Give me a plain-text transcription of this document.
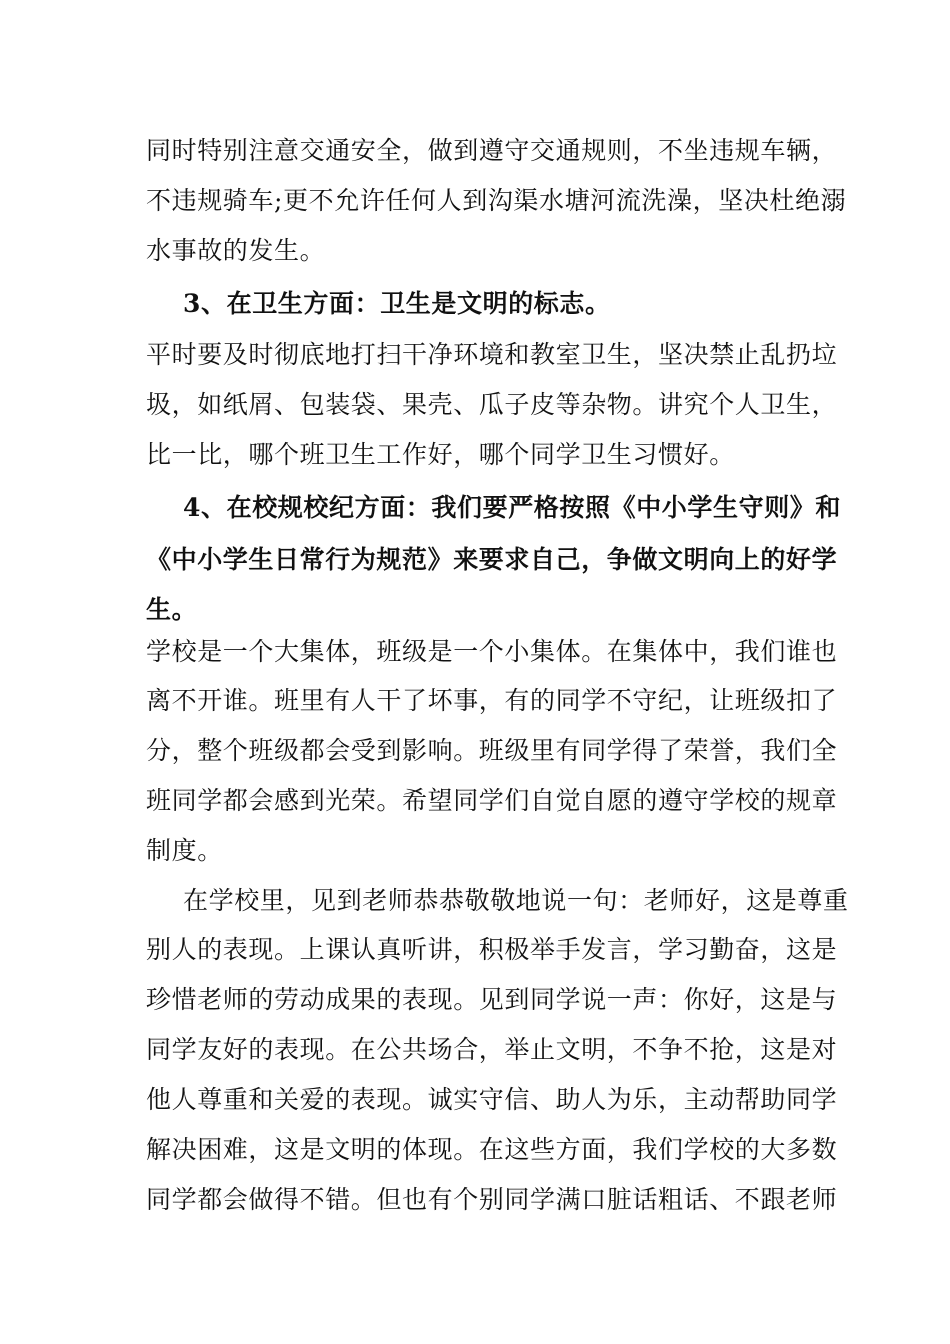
同时特别注意交通安全，做到遵守交通规则，不坐违规车辆，
不违规骑车;更不允许任何人到沟渠水塘河流洗澡，坚决杜绝溺
水事故的发生。
3、在卫生方面：卫生是文明的标志。
平时要及时彻底地打扫干净环境和教室卫生，坚决禁止乱扔垃
圾，如纸屑、包装袋、果壳、瓜子皮等杂物。讲究个人卫生，
比一比，哪个班卫生工作好，哪个同学卫生习惯好。
4、在校规校纪方面：我们要严格按照《中小学生守则》和
《中小学生日常行为规范》来要求自己，争做文明向上的好学
生。
学校是一个大集体，班级是一个小集体。在集体中，我们谁也
离不开谁。班里有人干了坏事，有的同学不守纪，让班级扣了
分，整个班级都会受到影响。班级里有同学得了荣誉，我们全
班同学都会感到光荣。希望同学们自觉自愿的遵守学校的规章
制度。
在学校里，见到老师恭恭敬敬地说一句：老师好，这是尊重
别人的表现。上课认真听讲，积极举手发言，学习勤奋，这是
珍惜老师的劳动成果的表现。见到同学说一声：你好，这是与
同学友好的表现。在公共场合，举止文明，不争不抢，这是对
他人尊重和关爱的表现。诚实守信、助人为乐，主动帮助同学
解决困难，这是文明的体现。在这些方面，我们学校的大多数
同学都会做得不错。但也有个别同学满口脏话粗话、不跟老师
